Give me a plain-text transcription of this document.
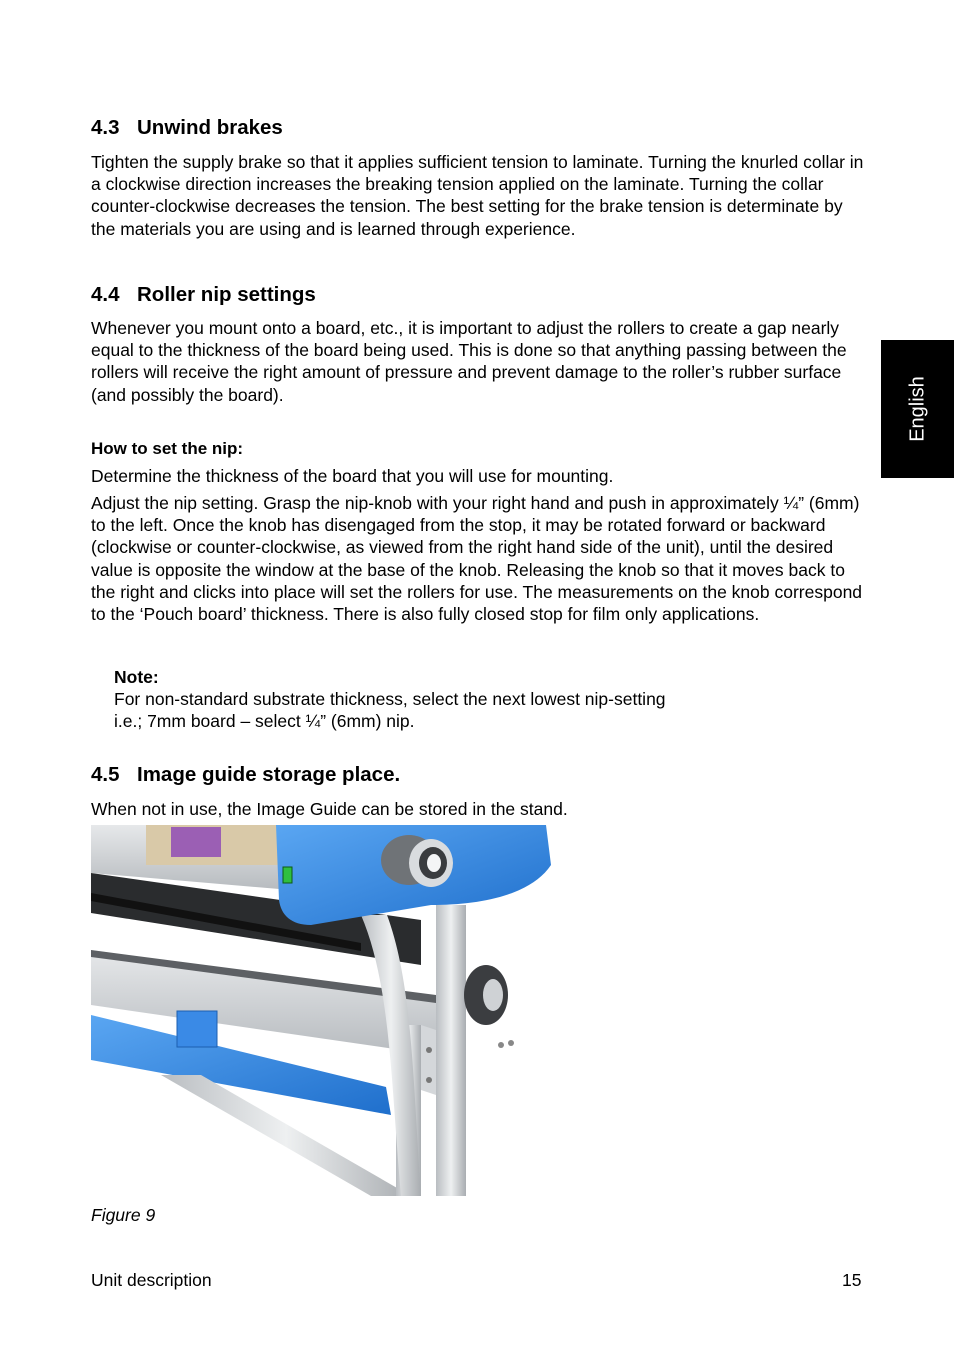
4.3 Unwind brakes

Tighten the supply brake so that it applies sufficient tension to laminate. Turning the knurled collar in a clockwise direction increases the breaking tension applied on the laminate. Turning the collar counter-clockwise decreases the tension. The best setting for the brake tension is determinate by the materials you are using and is learned through experience.

4.4 Roller nip settings

Whenever you mount onto a board, etc., it is important to adjust the rollers to create a gap nearly equal to the thickness of the board being used. This is done so that anything passing between the rollers will receive the right amount of pressure and prevent damage to the roller’s rubber surface (and possibly the board).

How to set the nip:

Determine the thickness of the board that you will use for mounting.

Adjust the nip setting. Grasp the nip-knob with your right hand and push in approximately ¼” (6mm) to the left. Once the knob has disengaged from the stop, it may be rotated forward or backward (clockwise or counter-clockwise, as viewed from the right hand side of the unit), until the desired value is opposite the window at the base of the knob. Releasing the knob so that it moves back to the right and clicks into place will set the rollers for use. The measurements on the knob correspond to the ‘Pouch board’ thickness. There is also fully closed stop for film only applications.

Note:
For non-standard substrate thickness, select the next lowest nip-setting
i.e.; 7mm board – select ¼” (6mm) nip.
4.5 Image guide storage place.

When not in use, the Image Guide can be stored in the stand.

Figure 9
English
Unit description	15
